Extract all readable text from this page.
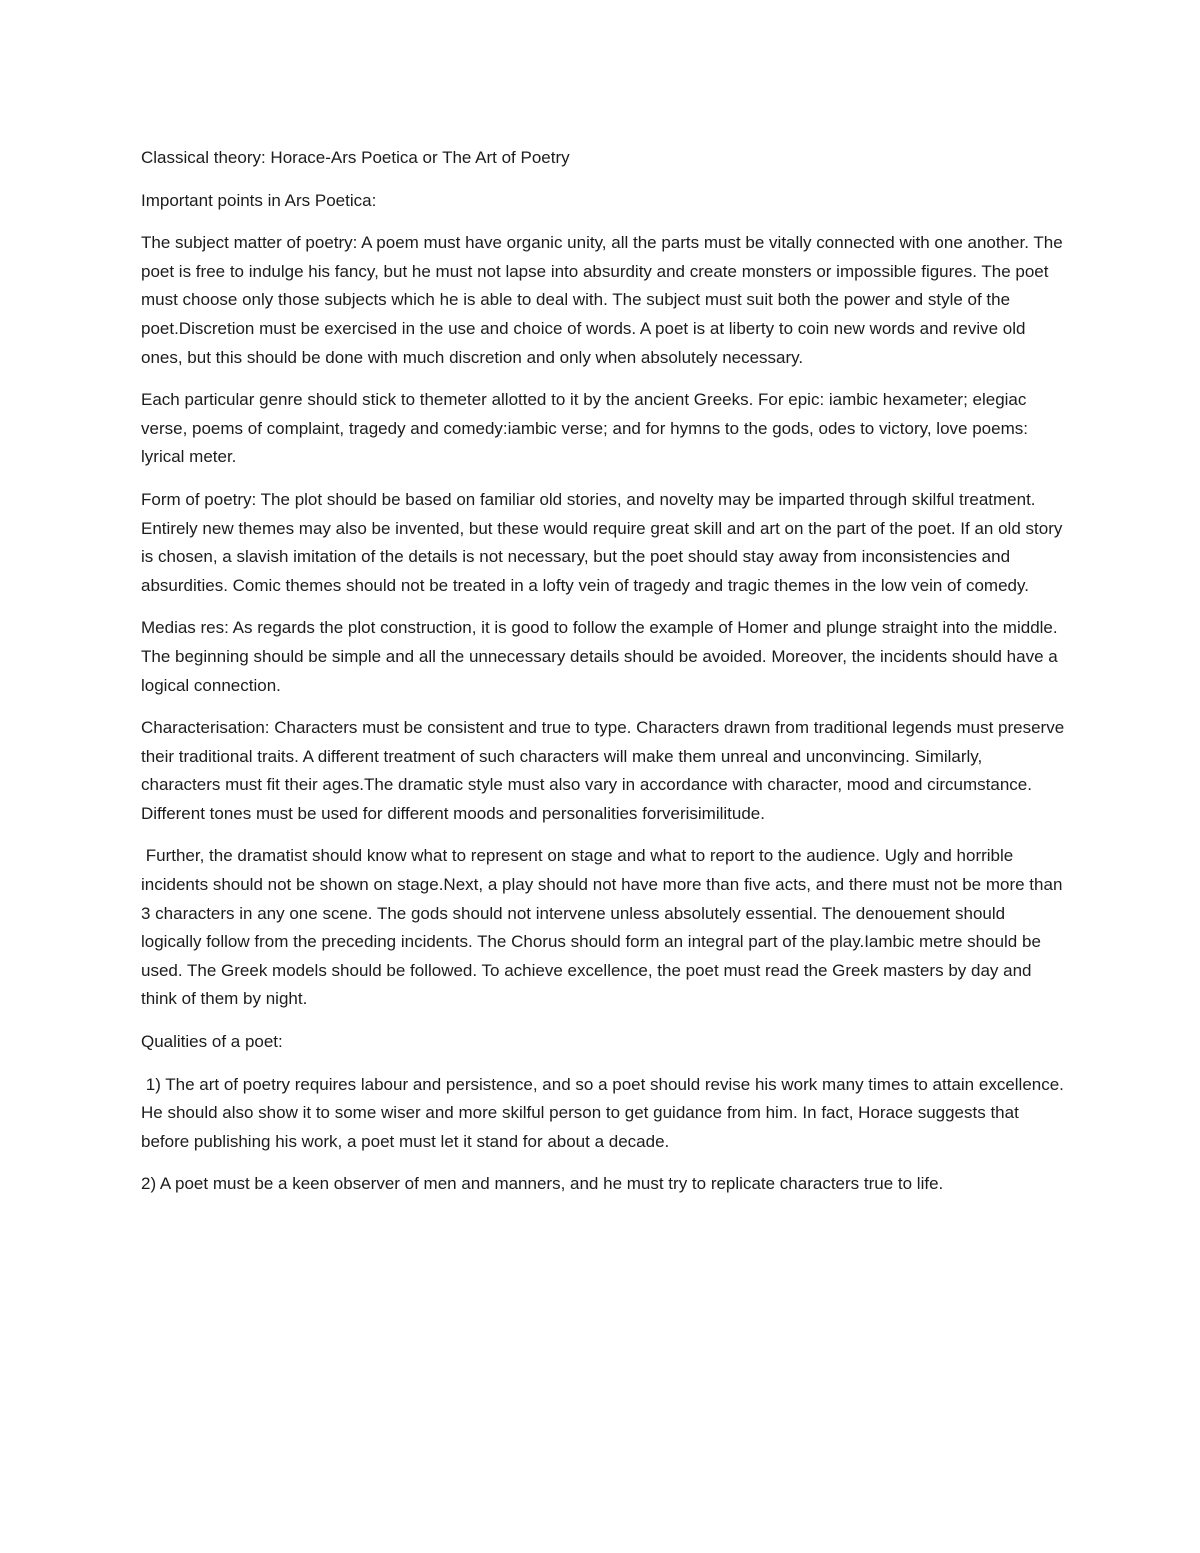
Classical theory: Horace-Ars Poetica or The Art of Poetry

Important points in Ars Poetica:

The subject matter of poetry: A poem must have organic unity, all the parts must be vitally connected with one another. The poet is free to indulge his fancy, but he must not lapse into absurdity and create monsters or impossible figures. The poet must choose only those subjects which he is able to deal with. The subject must suit both the power and style of the poet.Discretion must be exercised in the use and choice of words. A poet is at liberty to coin new words and revive old ones, but this should be done with much discretion and only when absolutely necessary.

Each particular genre should stick to themeter allotted to it by the ancient Greeks. For epic: iambic hexameter; elegiac verse, poems of complaint, tragedy and comedy:iambic verse; and for hymns to the gods, odes to victory, love poems: lyrical meter.

Form of poetry: The plot should be based on familiar old stories, and novelty may be imparted through skilful treatment. Entirely new themes may also be invented, but these would require great skill and art on the part of the poet. If an old story is chosen, a slavish imitation of the details is not necessary, but the poet should stay away from inconsistencies and absurdities. Comic themes should not be treated in a lofty vein of tragedy and tragic themes in the low vein of comedy.

Medias res: As regards the plot construction, it is good to follow the example of Homer and plunge straight into the middle. The beginning should be simple and all the unnecessary details should be avoided. Moreover, the incidents should have a logical connection.

Characterisation: Characters must be consistent and true to type. Characters drawn from traditional legends must preserve their traditional traits. A different treatment of such characters will make them unreal and unconvincing. Similarly, characters must fit their ages.The dramatic style must also vary in accordance with character, mood and circumstance. Different tones must be used for different moods and personalities forverisimilitude.

Further, the dramatist should know what to represent on stage and what to report to the audience. Ugly and horrible incidents should not be shown on stage.Next, a play should not have more than five acts, and there must not be more than 3 characters in any one scene. The gods should not intervene unless absolutely essential. The denouement should logically follow from the preceding incidents. The Chorus should form an integral part of the play.Iambic metre should be used. The Greek models should be followed. To achieve excellence, the poet must read the Greek masters by day and think of them by night.

Qualities of a poet:

1) The art of poetry requires labour and persistence, and so a poet should revise his work many times to attain excellence. He should also show it to some wiser and more skilful person to get guidance from him. In fact, Horace suggests that before publishing his work, a poet must let it stand for about a decade.

2) A poet must be a keen observer of men and manners, and he must try to replicate characters true to life.
